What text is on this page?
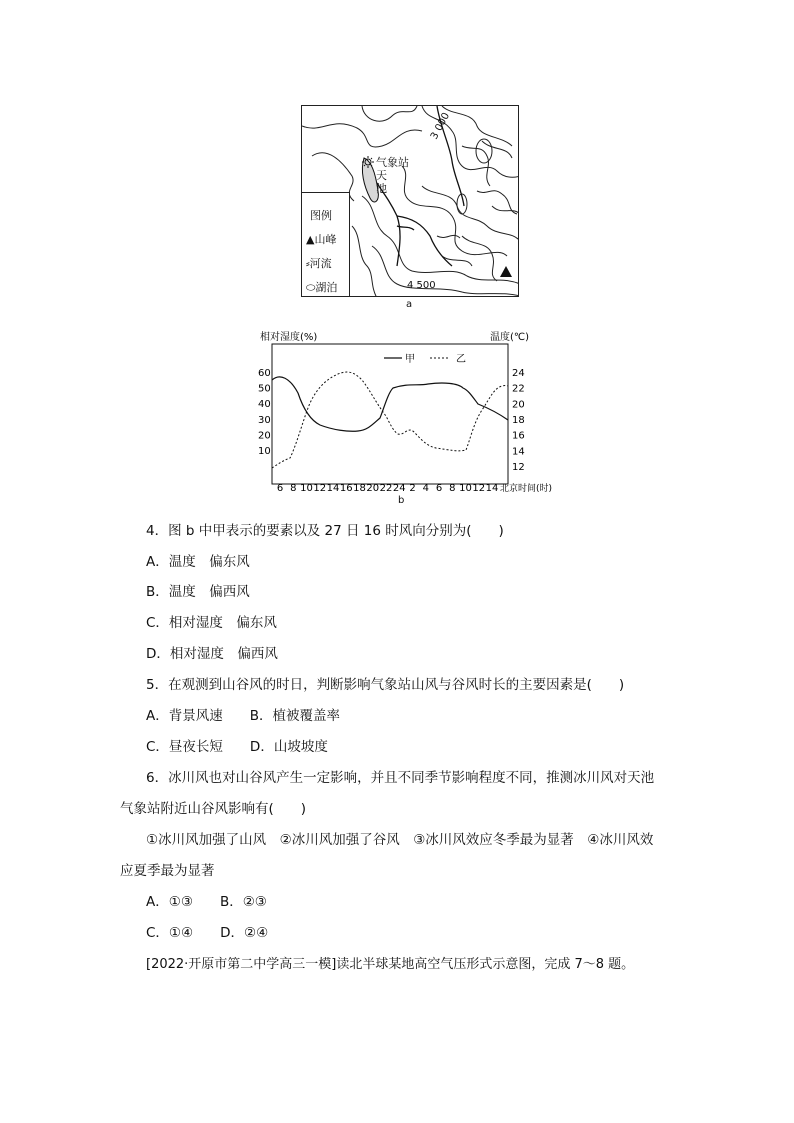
气象站
天
池
3 000
4 500
图例
▲山峰
⸗河流
⬭湖泊
a
相对湿度(%)	温度(℃)
甲	乙
60
50
40
30
20
10
24
22
20
18
16
14
12
6 8 10 12 14 16 18 20 22 24 2 4 6 8 10 12 14 北京时间(时)
b
4．图 b 中甲表示的要素以及 27 日 16 时风向分别为(　　)
A．温度　偏东风
B．温度　偏西风
C．相对湿度　偏东风
D．相对湿度　偏西风
5．在观测到山谷风的时日，判断影响气象站山风与谷风时长的主要因素是(　　)
A．背景风速　　B．植被覆盖率
C．昼夜长短　　D．山坡坡度
6．冰川风也对山谷风产生一定影响，并且不同季节影响程度不同，推测冰川风对天池
气象站附近山谷风影响有(　　)
①冰川风加强了山风　②冰川风加强了谷风　③冰川风效应冬季最为显著　④冰川风效
应夏季最为显著
A．①③　　B．②③
C．①④　　D．②④
[2022·开原市第二中学高三一模]读北半球某地高空气压形式示意图，完成 7～8 题。
